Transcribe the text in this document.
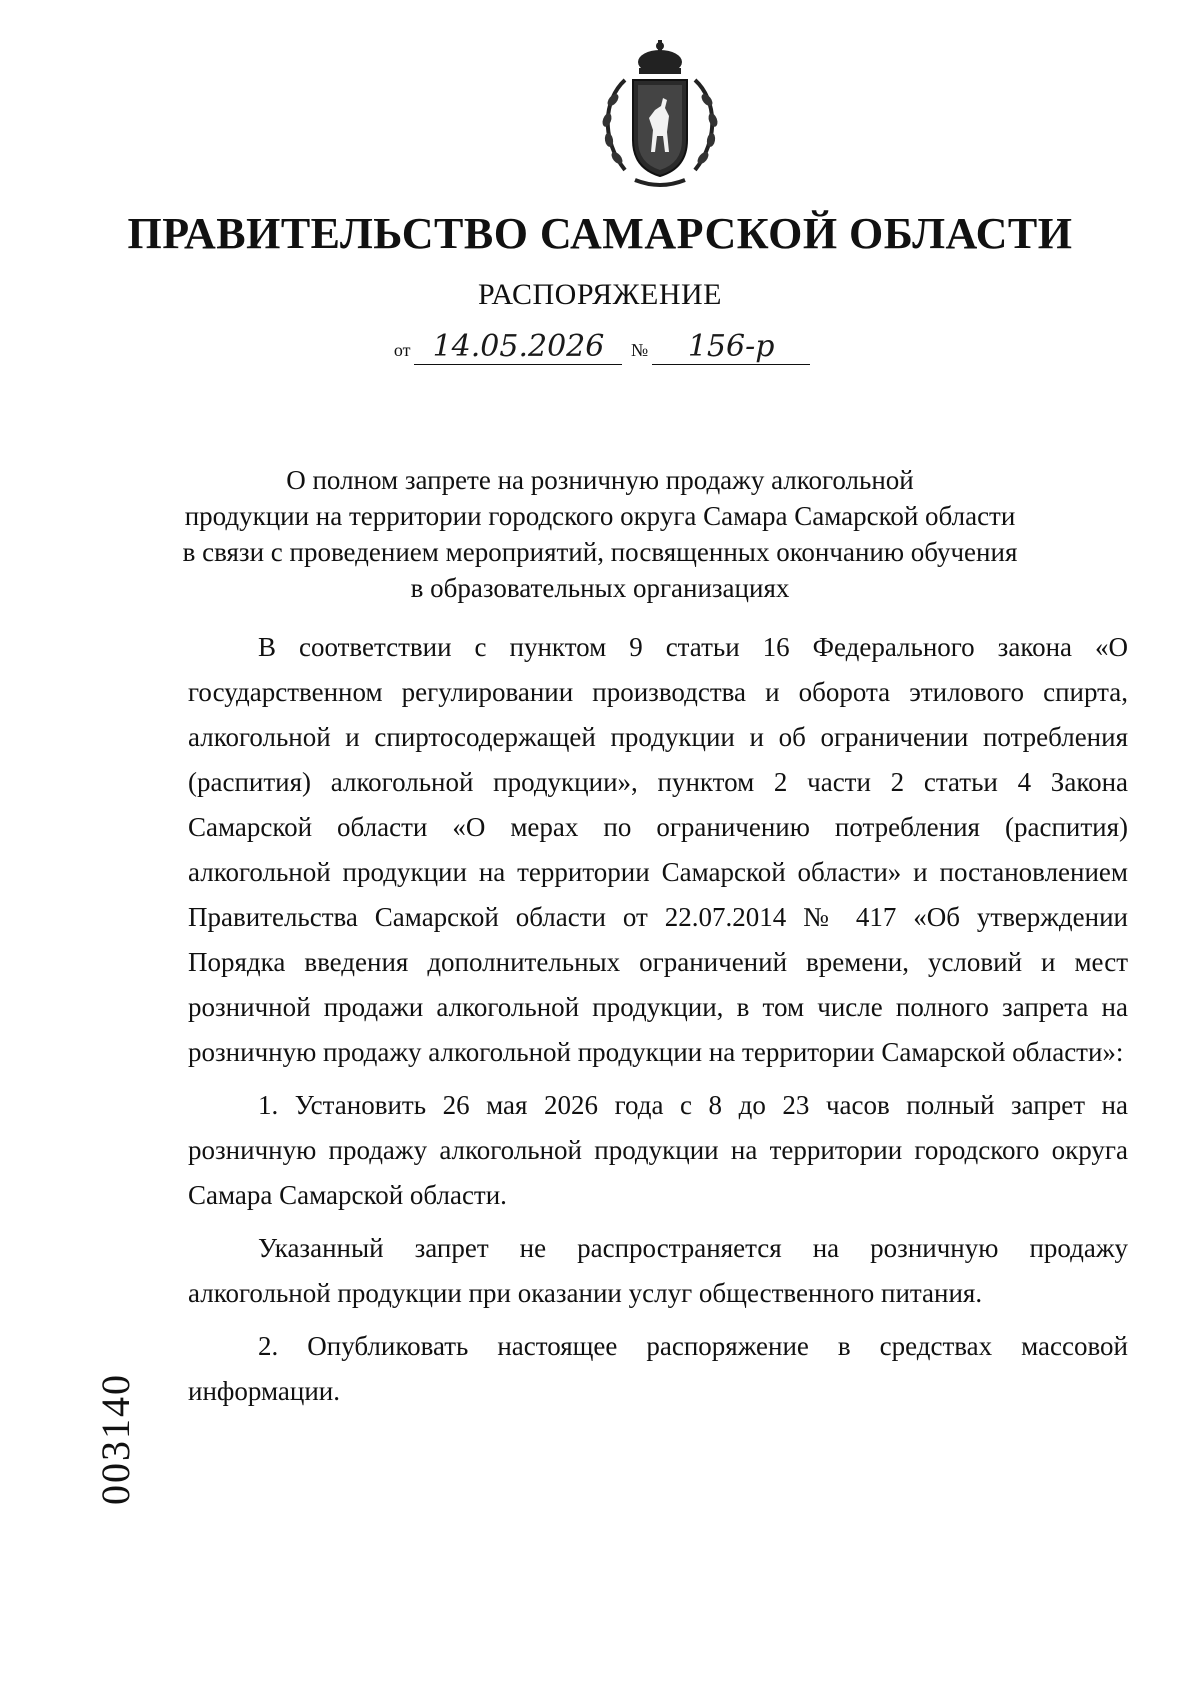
ПРАВИТЕЛЬСТВО САМАРСКОЙ ОБЛАСТИ
РАСПОРЯЖЕНИЕ
от 14.05.2026 № 156-р
О полном запрете на розничную продажу алкогольной
продукции на территории городского округа Самара Самарской области
в связи с проведением мероприятий, посвященных окончанию обучения
в образовательных организациях

В соответствии с пунктом 9 статьи 16 Федерального закона «О государственном регулировании производства и оборота этилового спирта, алкогольной и спиртосодержащей продукции и об ограничении потребления (распития) алкогольной продукции», пунктом 2 части 2 статьи 4 Закона Самарской области «О мерах по ограничению потребления (распития) алкогольной продукции на территории Самарской области» и постановлением Правительства Самарской области от 22.07.2014 № 417 «Об утверждении Порядка введения дополнительных ограничений времени, условий и мест розничной продажи алкогольной продукции, в том числе полного запрета на розничную продажу алкогольной продукции на территории Самарской области»:

1. Установить 26 мая 2026 года с 8 до 23 часов полный запрет на розничную продажу алкогольной продукции на территории городского округа Самара Самарской области.

Указанный запрет не распространяется на розничную продажу алкогольной продукции при оказании услуг общественного питания.

2. Опубликовать настоящее распоряжение в средствах массовой информации.

003140
